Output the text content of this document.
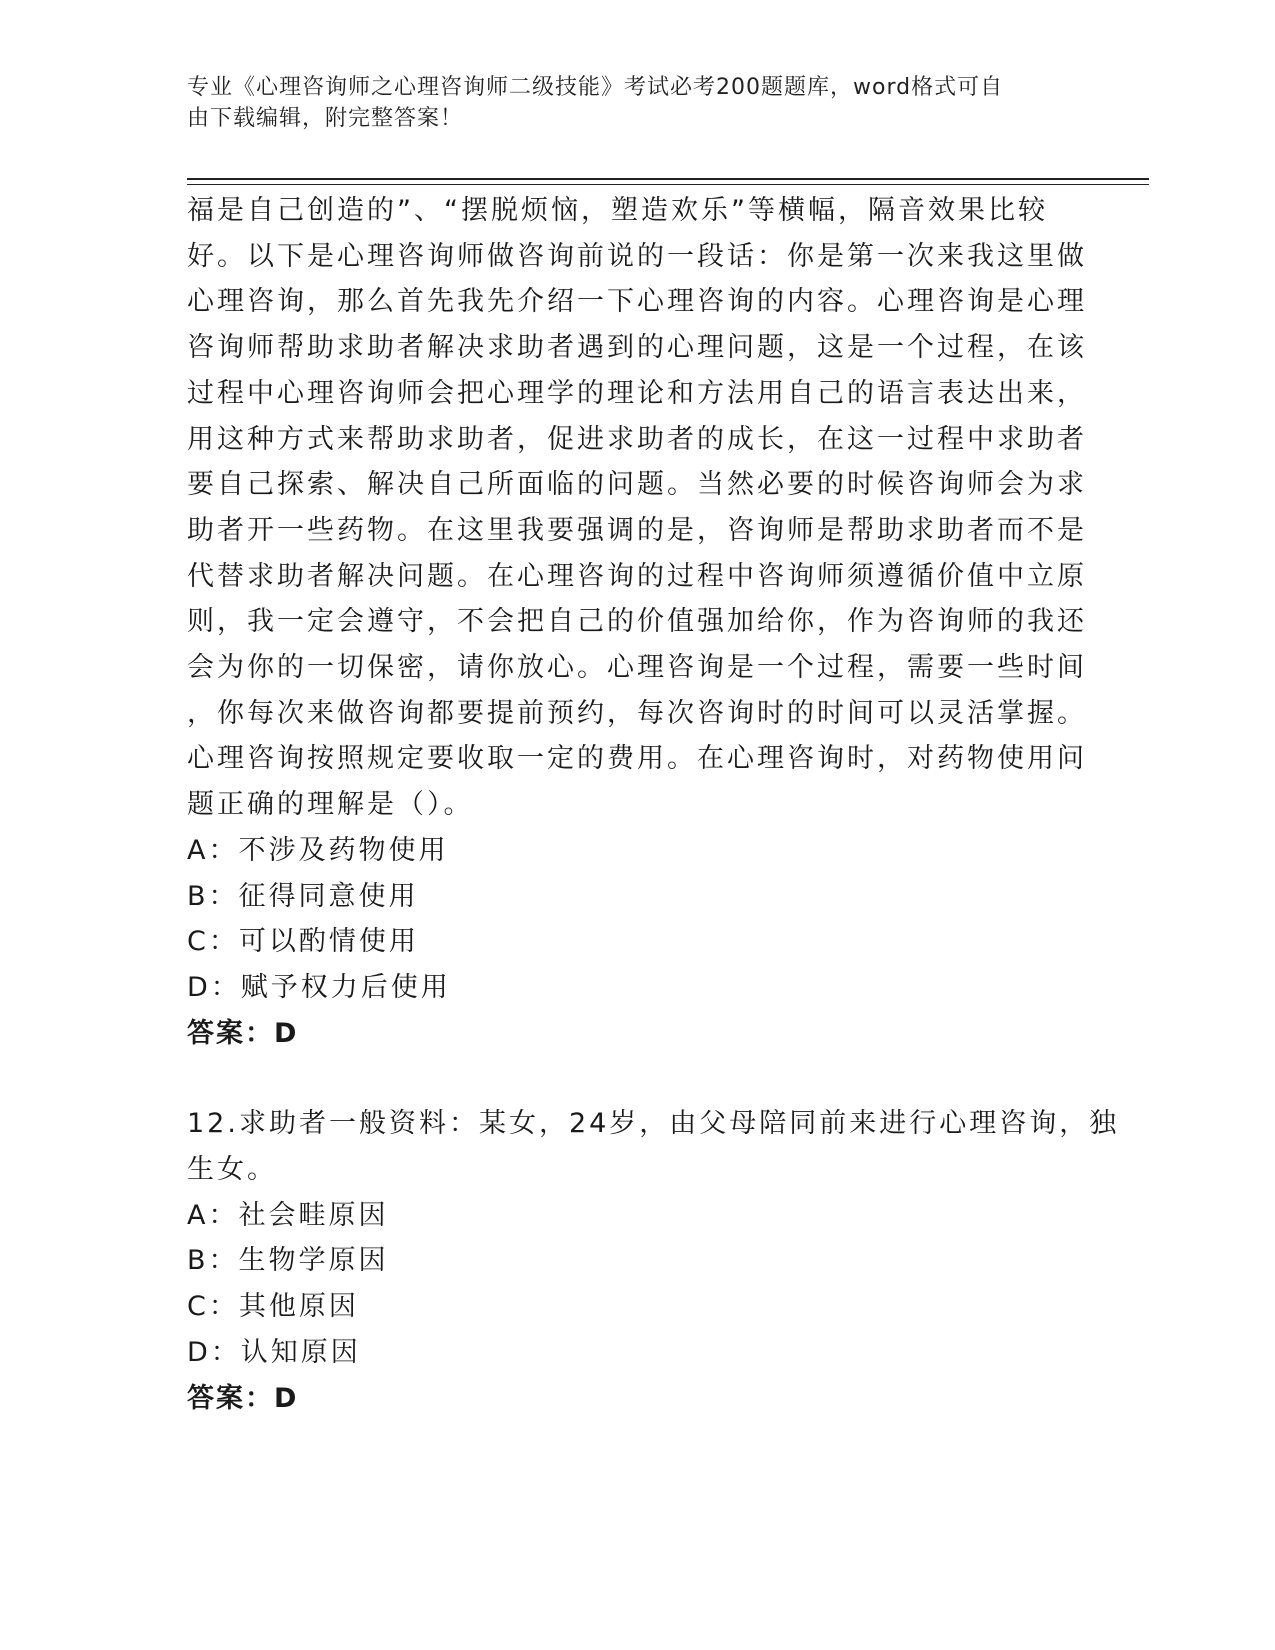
专业《心理咨询师之心理咨询师二级技能》考试必考200题题库，word格式可自
由下载编辑，附完整答案！
福是自己创造的”、“摆脱烦恼，塑造欢乐”等横幅，隔音效果比较
好。以下是心理咨询师做咨询前说的一段话：你是第一次来我这里做
心理咨询，那么首先我先介绍一下心理咨询的内容。心理咨询是心理
咨询师帮助求助者解决求助者遇到的心理问题，这是一个过程，在该
过程中心理咨询师会把心理学的理论和方法用自己的语言表达出来，
用这种方式来帮助求助者，促进求助者的成长，在这一过程中求助者
要自己探索、解决自己所面临的问题。当然必要的时候咨询师会为求
助者开一些药物。在这里我要强调的是，咨询师是帮助求助者而不是
代替求助者解决问题。在心理咨询的过程中咨询师须遵循价值中立原
则，我一定会遵守，不会把自己的价值强加给你，作为咨询师的我还
会为你的一切保密，请你放心。心理咨询是一个过程，需要一些时间
，你每次来做咨询都要提前预约，每次咨询时的时间可以灵活掌握。
心理咨询按照规定要收取一定的费用。在心理咨询时，对药物使用问
题正确的理解是（）。
A：不涉及药物使用
B：征得同意使用
C：可以酌情使用
D：赋予权力后使用
答案：D
12.求助者一般资料：某女，24岁，由父母陪同前来进行心理咨询，独
生女。
A：社会畦原因
B：生物学原因
C：其他原因
D：认知原因
答案：D
